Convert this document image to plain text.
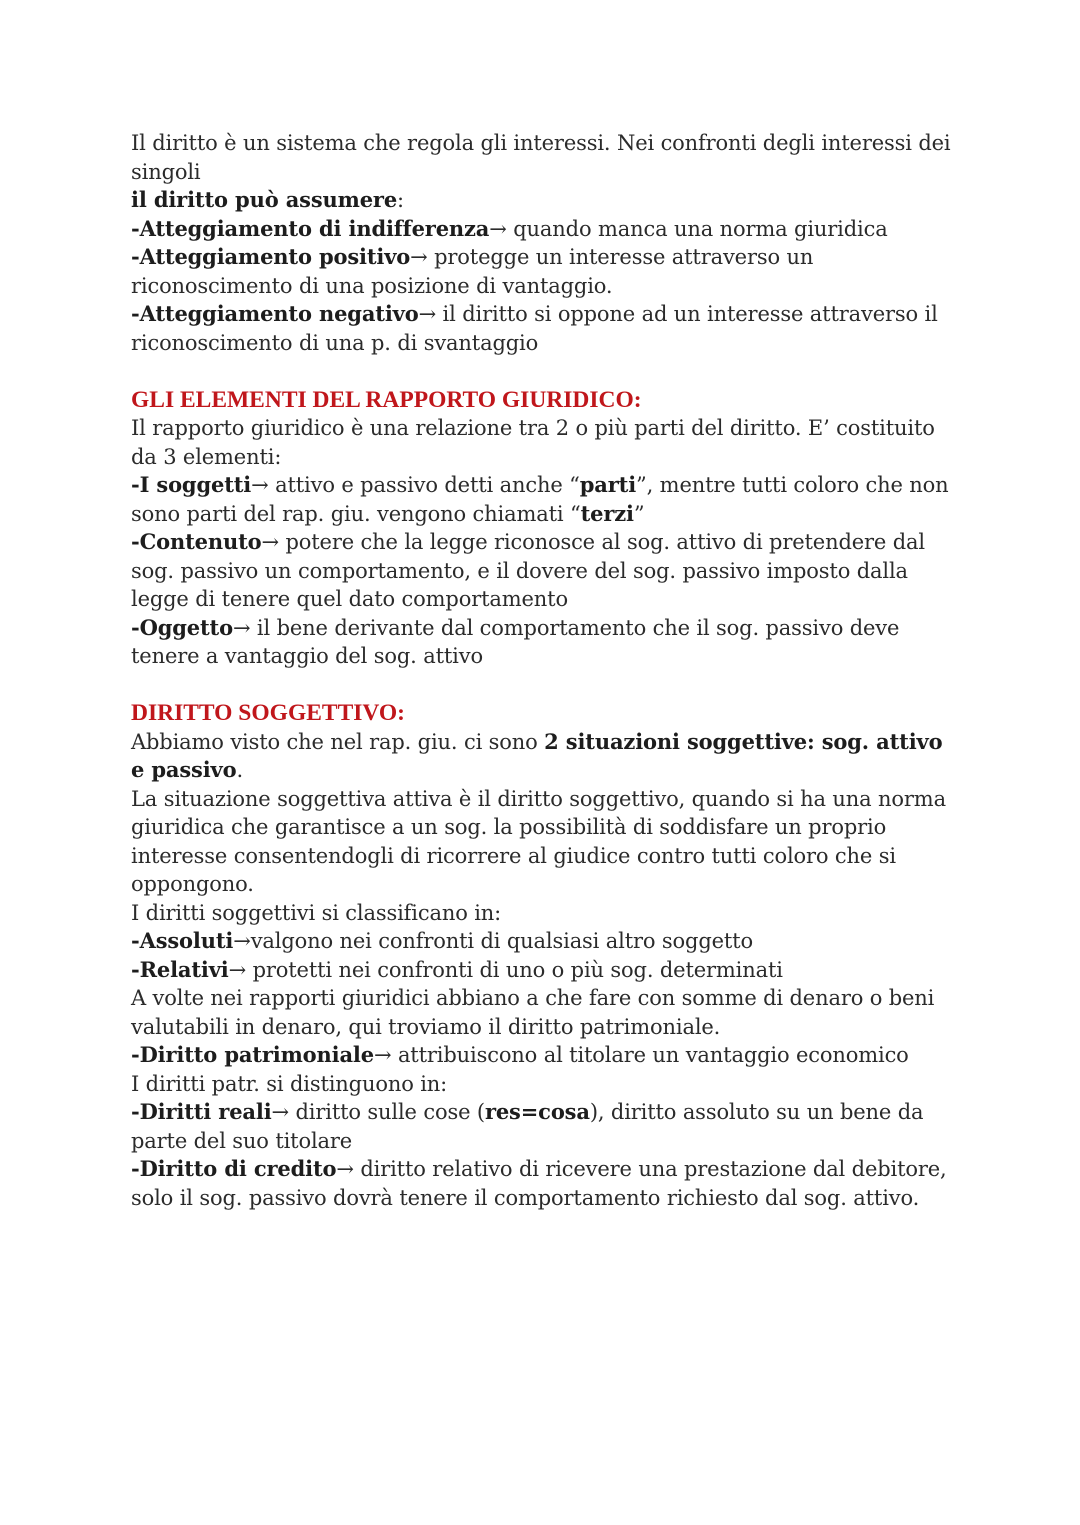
Il diritto è un sistema che regola gli interessi. Nei confronti degli interessi dei singoli
il diritto può assumere:
-Atteggiamento di indifferenza→ quando manca una norma giuridica
-Atteggiamento positivo→ protegge un interesse attraverso un riconoscimento di una posizione di vantaggio.
-Atteggiamento negativo→ il diritto si oppone ad un interesse attraverso il riconoscimento di una p. di svantaggio
GLI ELEMENTI DEL RAPPORTO GIURIDICO:
Il rapporto giuridico è una relazione tra 2 o più parti del diritto. E’ costituito da 3 elementi:
-I soggetti→ attivo e passivo detti anche “parti”, mentre tutti coloro che non sono parti del rap. giu. vengono chiamati “terzi”
-Contenuto→ potere che la legge riconosce al sog. attivo di pretendere dal sog. passivo un comportamento, e il dovere del sog. passivo imposto dalla legge di tenere quel dato comportamento
-Oggetto→ il bene derivante dal comportamento che il sog. passivo deve tenere a vantaggio del sog. attivo
DIRITTO SOGGETTIVO:
Abbiamo visto che nel rap. giu. ci sono 2 situazioni soggettive: sog. attivo e passivo.
La situazione soggettiva attiva è il diritto soggettivo, quando si ha una norma giuridica che garantisce a un sog. la possibilità di soddisfare un proprio interesse consentendogli di ricorrere al giudice contro tutti coloro che si oppongono.
I diritti soggettivi si classificano in:
-Assoluti→valgono nei confronti di qualsiasi altro soggetto
-Relativi→ protetti nei confronti di uno o più sog. determinati
A volte nei rapporti giuridici abbiano a che fare con somme di denaro o beni valutabili in denaro, qui troviamo il diritto patrimoniale.
-Diritto patrimoniale→ attribuiscono al titolare un vantaggio economico
I diritti patr. si distinguono in:
-Diritti reali→ diritto sulle cose (res=cosa), diritto assoluto su un bene da parte del suo titolare
-Diritto di credito→ diritto relativo di ricevere una prestazione dal debitore, solo il sog. passivo dovrà tenere il comportamento richiesto dal sog. attivo.
